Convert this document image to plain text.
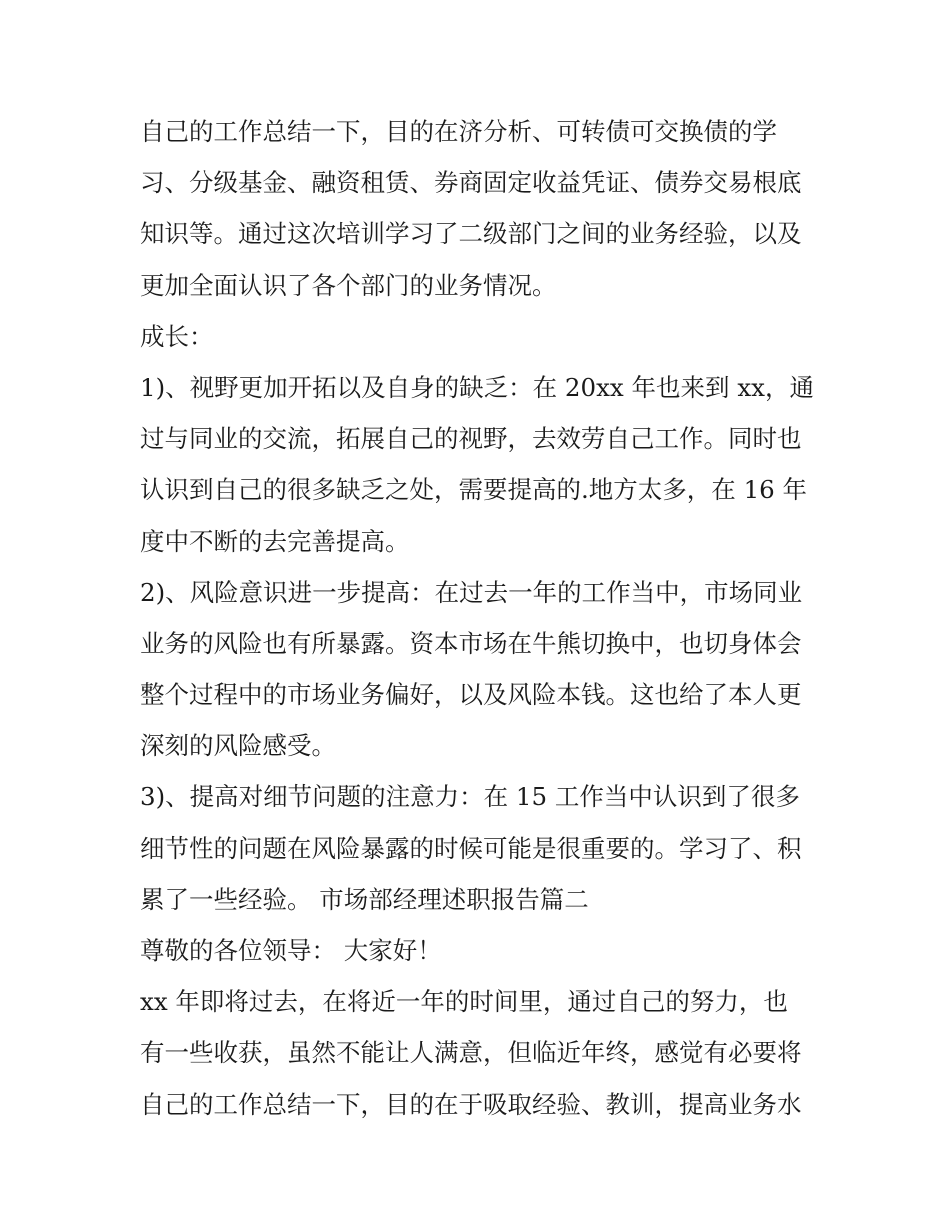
自己的工作总结一下，目的在济分析、可转债可交换债的学
习、分级基金、融资租赁、券商固定收益凭证、债券交易根底
知识等。通过这次培训学习了二级部门之间的业务经验，以及
更加全面认识了各个部门的业务情况。
成长：
1)、视野更加开拓以及自身的缺乏：在 20xx 年也来到 xx，通
过与同业的交流，拓展自己的视野，去效劳自己工作。同时也
认识到自己的很多缺乏之处，需要提高的.地方太多，在 16 年
度中不断的去完善提高。
2)、风险意识进一步提高：在过去一年的工作当中，市场同业
业务的风险也有所暴露。资本市场在牛熊切换中，也切身体会
整个过程中的市场业务偏好，以及风险本钱。这也给了本人更
深刻的风险感受。
3)、提高对细节问题的注意力：在 15 工作当中认识到了很多
细节性的问题在风险暴露的时候可能是很重要的。学习了、积
累了一些经验。 市场部经理述职报告篇二
尊敬的各位领导： 大家好！
xx 年即将过去，在将近一年的时间里，通过自己的努力，也
有一些收获，虽然不能让人满意，但临近年终，感觉有必要将
自己的工作总结一下，目的在于吸取经验、教训，提高业务水
